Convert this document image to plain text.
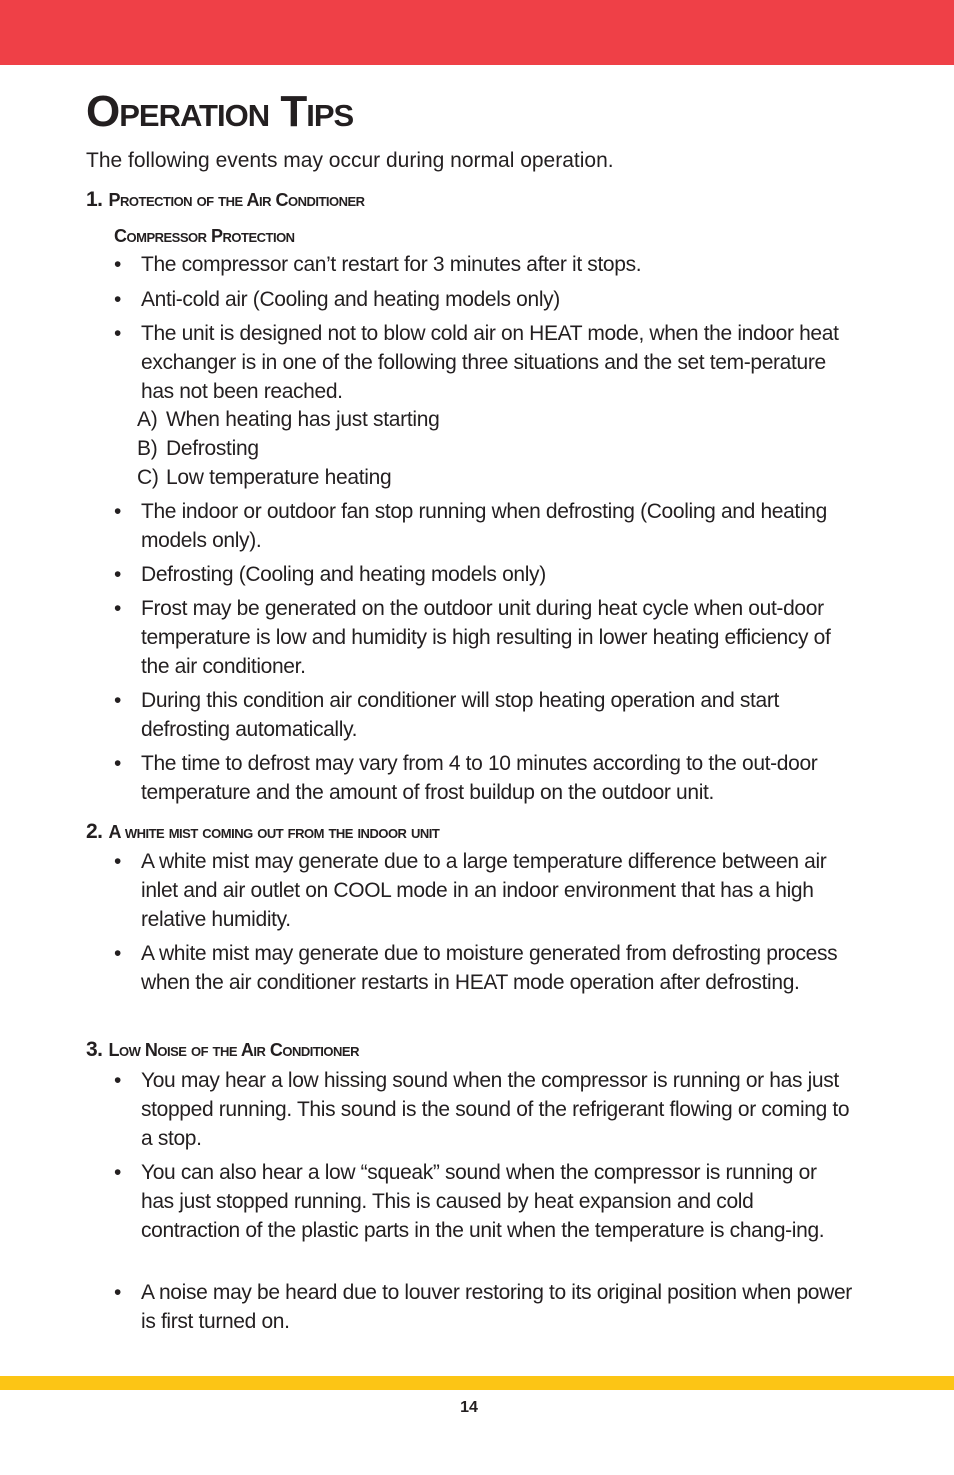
Operation Tips

The following events may occur during normal operation.

1. Protection of the Air Conditioner

Compressor Protection

• The compressor can’t restart for 3 minutes after it stops.
• Anti-cold air (Cooling and heating models only)
• The unit is designed not to blow cold air on HEAT mode, when the indoor heat exchanger is in one of the following three situations and the set tem-perature has not been reached.

A) When heating has just starting

B) Defrosting

C) Low temperature heating

• The indoor or outdoor fan stop running when defrosting (Cooling and heating models only).
• Defrosting (Cooling and heating models only)
• Frost may be generated on the outdoor unit during heat cycle when out-door temperature is low and humidity is high resulting in lower heating efficiency of the air conditioner.
• During this condition air conditioner will stop heating operation and start defrosting automatically.
• The time to defrost may vary from 4 to 10 minutes according to the out-door temperature and the amount of frost buildup on the outdoor unit.

2. A white mist coming out from the indoor unit

• A white mist may generate due to a large temperature difference between air inlet and air outlet on COOL mode in an indoor environment that has a high relative humidity.
• A white mist may generate due to moisture generated from defrosting process when the air conditioner restarts in HEAT mode operation after defrosting.

3. Low Noise of the Air Conditioner

• You may hear a low hissing sound when the compressor is running or has just stopped running. This sound is the sound of the refrigerant flowing or coming to a stop.
• You can also hear a low “squeak” sound when the compressor is running or has just stopped running. This is caused by heat expansion and cold contraction of the plastic parts in the unit when the temperature is chang-ing.
• A noise may be heard due to louver restoring to its original position when power is first turned on.
14
